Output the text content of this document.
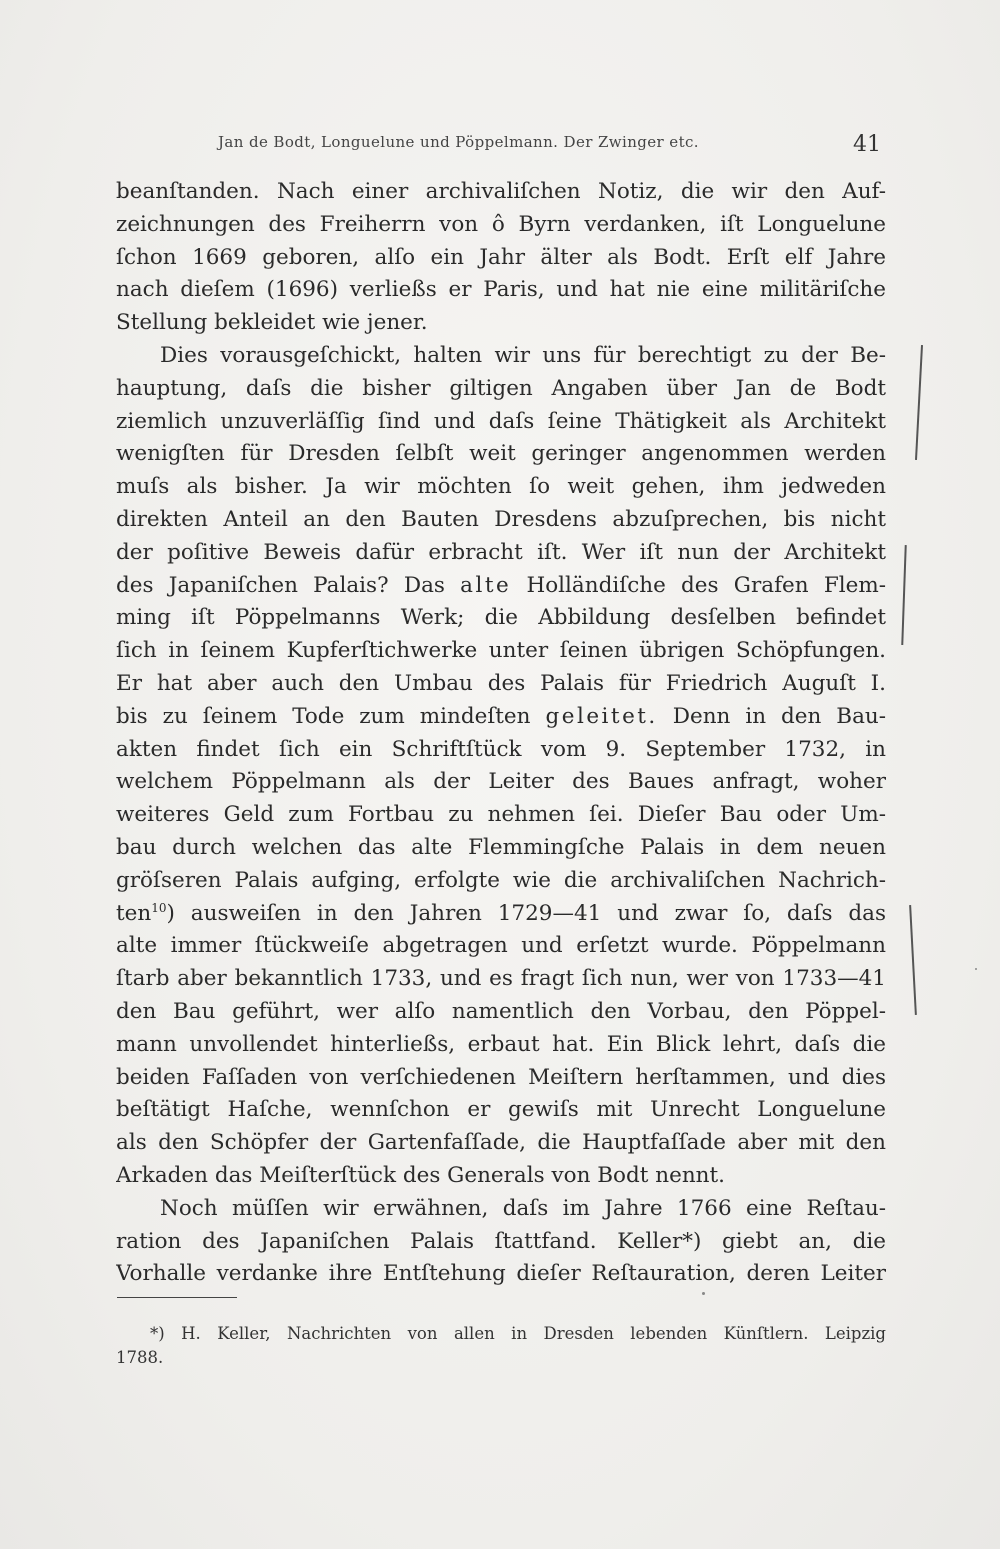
Jan de Bodt, Longuelune und Pöppelmann. Der Zwinger etc.	41
beanſtanden. Nach einer archivaliſchen Notiz, die wir den Auf-
zeichnungen des Freiherrn von ô Byrn verdanken, iſt Longuelune
ſchon 1669 geboren, alſo ein Jahr älter als Bodt. Erſt elf Jahre
nach dieſem (1696) verließs er Paris, und hat nie eine militäriſche
Stellung bekleidet wie jener.
Dies vorausgeſchickt, halten wir uns für berechtigt zu der Be-
hauptung, daſs die bisher giltigen Angaben über Jan de Bodt
ziemlich unzuverläſſig ſind und daſs ſeine Thätigkeit als Architekt
wenigſten für Dresden ſelbſt weit geringer angenommen werden
muſs als bisher. Ja wir möchten ſo weit gehen, ihm jedweden
direkten Anteil an den Bauten Dresdens abzuſprechen, bis nicht
der poſitive Beweis dafür erbracht iſt. Wer iſt nun der Architekt
des Japaniſchen Palais? Das alte Holländiſche des Grafen Flem-
ming iſt Pöppelmanns Werk; die Abbildung desſelben befindet
ſich in ſeinem Kupferſtichwerke unter ſeinen übrigen Schöpfungen.
Er hat aber auch den Umbau des Palais für Friedrich Auguſt I.
bis zu ſeinem Tode zum mindeſten geleitet. Denn in den Bau-
akten findet ſich ein Schriftſtück vom 9. September 1732, in
welchem Pöppelmann als der Leiter des Baues anfragt, woher
weiteres Geld zum Fortbau zu nehmen ſei. Dieſer Bau oder Um-
bau durch welchen das alte Flemmingſche Palais in dem neuen
gröſseren Palais aufging, erfolgte wie die archivaliſchen Nachrich-
ten$^{10}$) ausweiſen in den Jahren 1729—41 und zwar ſo, daſs das
alte immer ſtückweiſe abgetragen und erſetzt wurde. Pöppelmann
ſtarb aber bekanntlich 1733, und es fragt ſich nun, wer von 1733—41
den Bau geführt, wer alſo namentlich den Vorbau, den Pöppel-
mann unvollendet hinterließs, erbaut hat. Ein Blick lehrt, daſs die
beiden Faſſaden von verſchiedenen Meiſtern herſtammen, und dies
beſtätigt Haſche, wennſchon er gewiſs mit Unrecht Longuelune
als den Schöpfer der Gartenfaſſade, die Hauptfaſſade aber mit den
Arkaden das Meiſterſtück des Generals von Bodt nennt.
Noch müſſen wir erwähnen, daſs im Jahre 1766 eine Reſtau-
ration des Japaniſchen Palais ſtattfand. Keller*) giebt an, die
Vorhalle verdanke ihre Entſtehung dieſer Reſtauration, deren Leiter
*) H. Keller, Nachrichten von allen in Dresden lebenden Künſtlern. Leipzig
1788.
